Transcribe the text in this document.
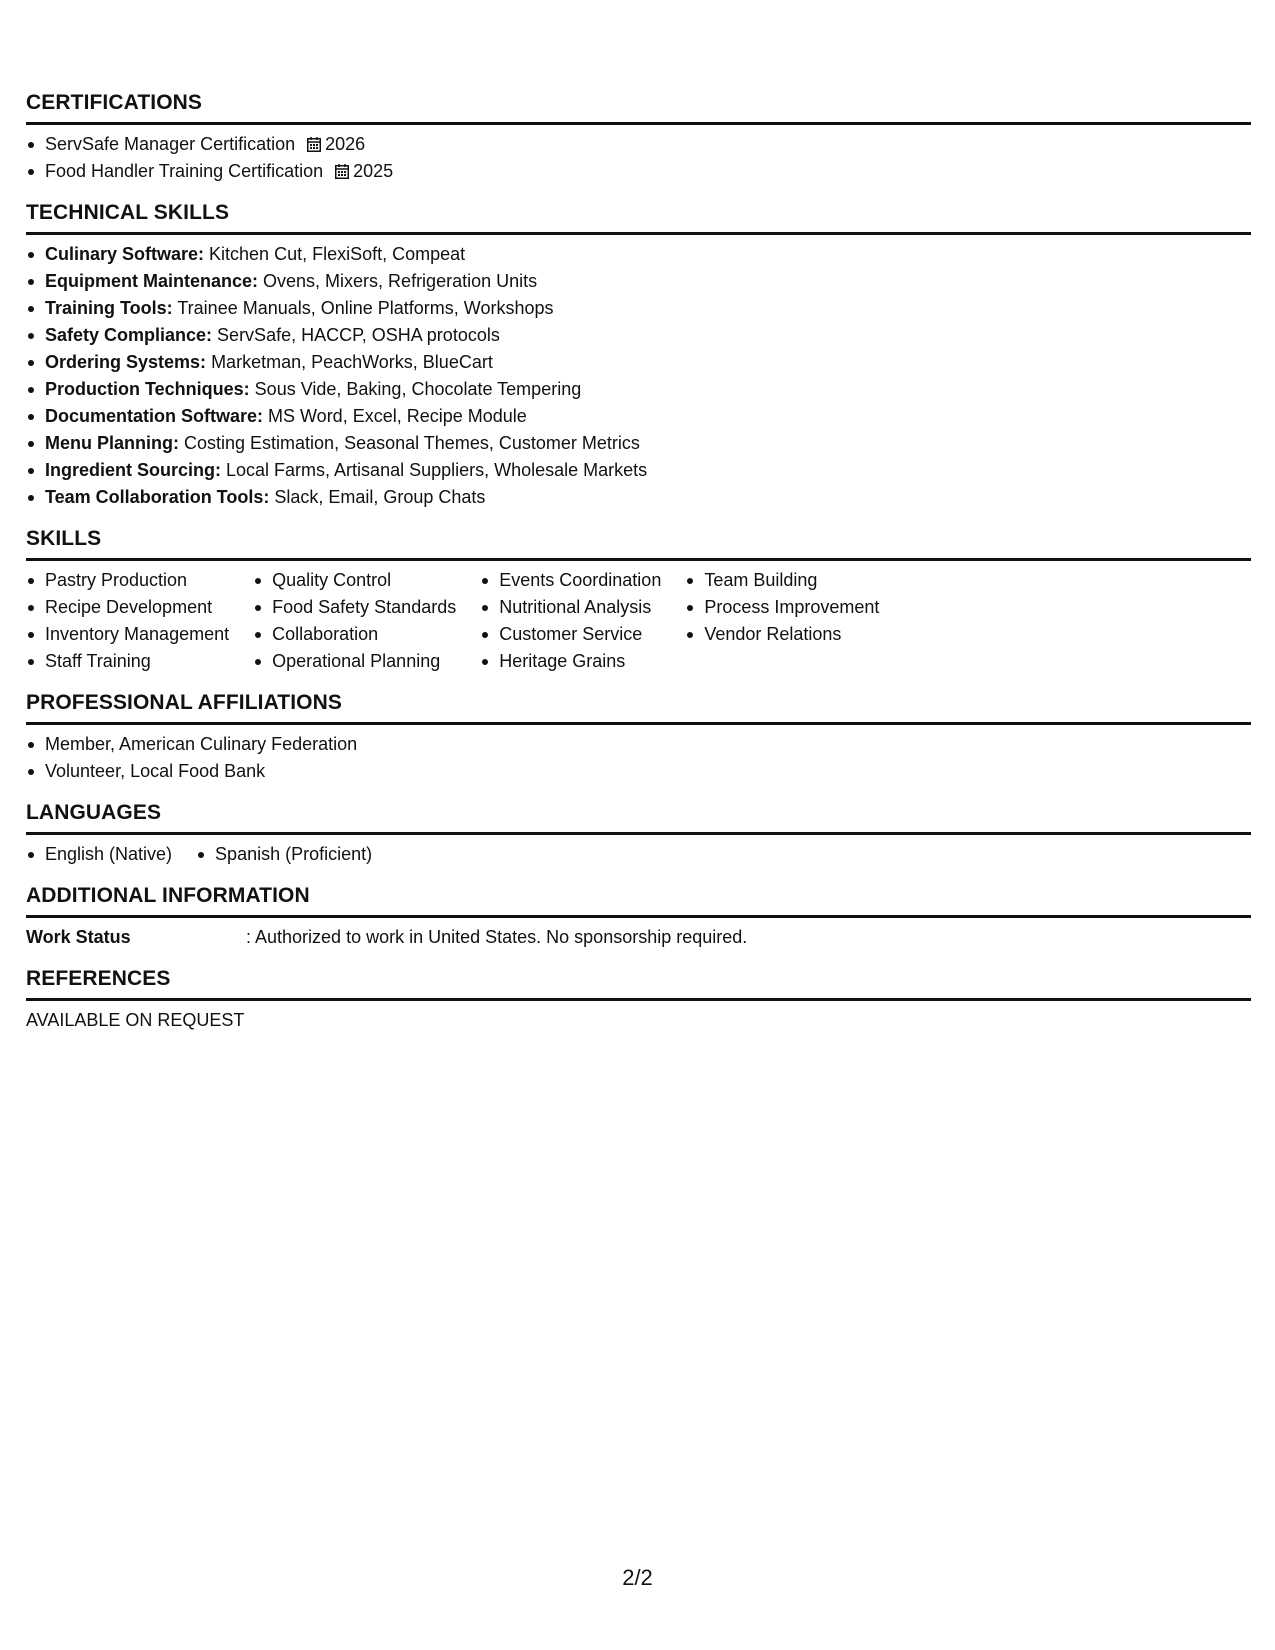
CERTIFICATIONS
ServSafe Manager Certification 2026
Food Handler Training Certification 2025
TECHNICAL SKILLS
Culinary Software: Kitchen Cut, FlexiSoft, Compeat
Equipment Maintenance: Ovens, Mixers, Refrigeration Units
Training Tools: Trainee Manuals, Online Platforms, Workshops
Safety Compliance: ServSafe, HACCP, OSHA protocols
Ordering Systems: Marketman, PeachWorks, BlueCart
Production Techniques: Sous Vide, Baking, Chocolate Tempering
Documentation Software: MS Word, Excel, Recipe Module
Menu Planning: Costing Estimation, Seasonal Themes, Customer Metrics
Ingredient Sourcing: Local Farms, Artisanal Suppliers, Wholesale Markets
Team Collaboration Tools: Slack, Email, Group Chats
SKILLS
Pastry Production
Recipe Development
Inventory Management
Staff Training
Quality Control
Food Safety Standards
Collaboration
Operational Planning
Events Coordination
Nutritional Analysis
Customer Service
Heritage Grains
Team Building
Process Improvement
Vendor Relations
PROFESSIONAL AFFILIATIONS
Member, American Culinary Federation
Volunteer, Local Food Bank
LANGUAGES
English (Native)	Spanish (Proficient)
ADDITIONAL INFORMATION
Work Status	: Authorized to work in United States. No sponsorship required.
REFERENCES
AVAILABLE ON REQUEST
2/2
